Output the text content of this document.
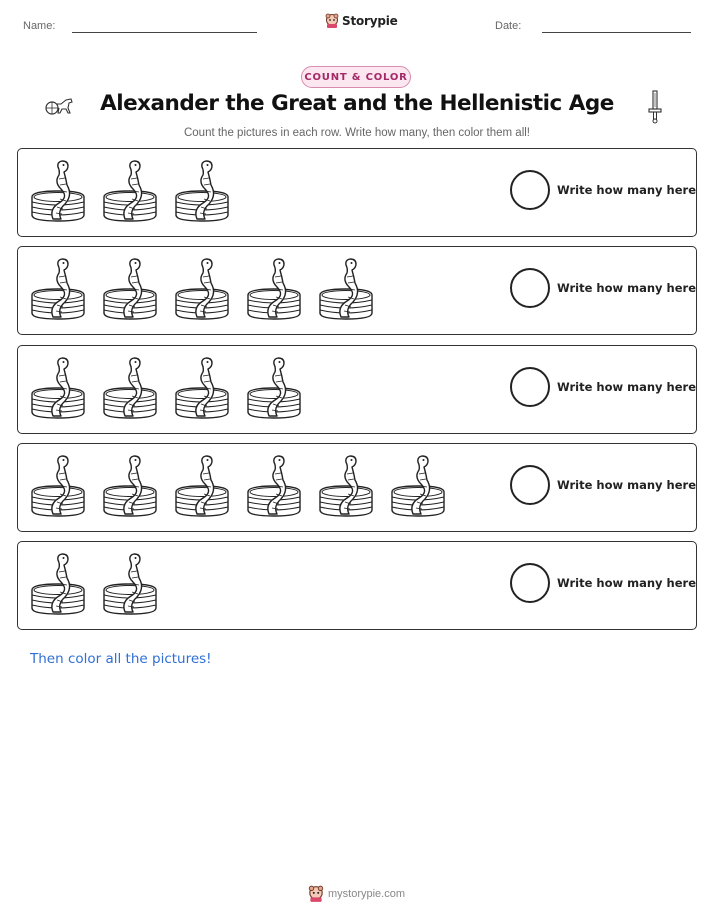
Name:	Storypie	Date:
COUNT & COLOR
Alexander the Great and the Hellenistic Age
Count the pictures in each row. Write how many, then color them all!
Write how many here
Write how many here
Write how many here
Write how many here
Write how many here
Then color all the pictures!
mystorypie.com
